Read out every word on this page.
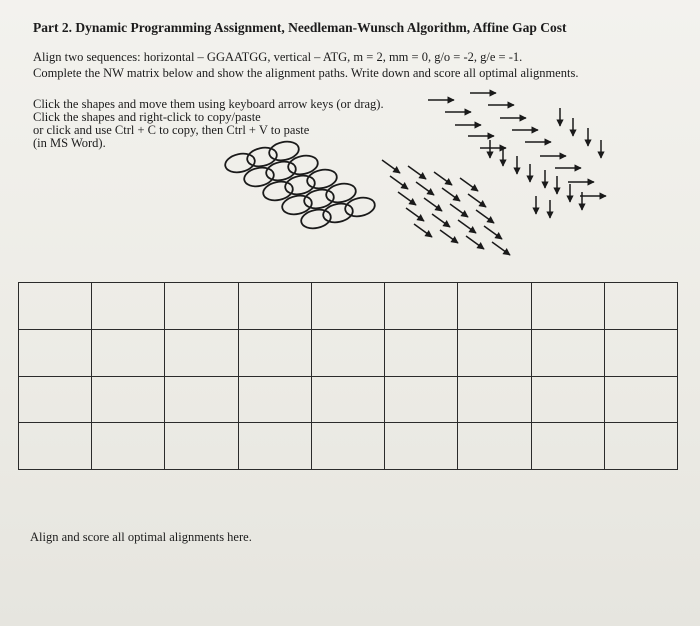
Part 2. Dynamic Programming Assignment, Needleman-Wunsch Algorithm, Affine Gap Cost
Align two sequences: horizontal – GGAATGG, vertical – ATG, m = 2, mm = 0, g/o = -2, g/e = -1.
Complete the NW matrix below and show the alignment paths. Write down and score all optimal alignments.
Click the shapes and move them using keyboard arrow keys (or drag).
Click the shapes and right-click to copy/paste
or click and use Ctrl + C to copy, then Ctrl + V to paste
(in MS Word).

Align and score all optimal alignments here.
